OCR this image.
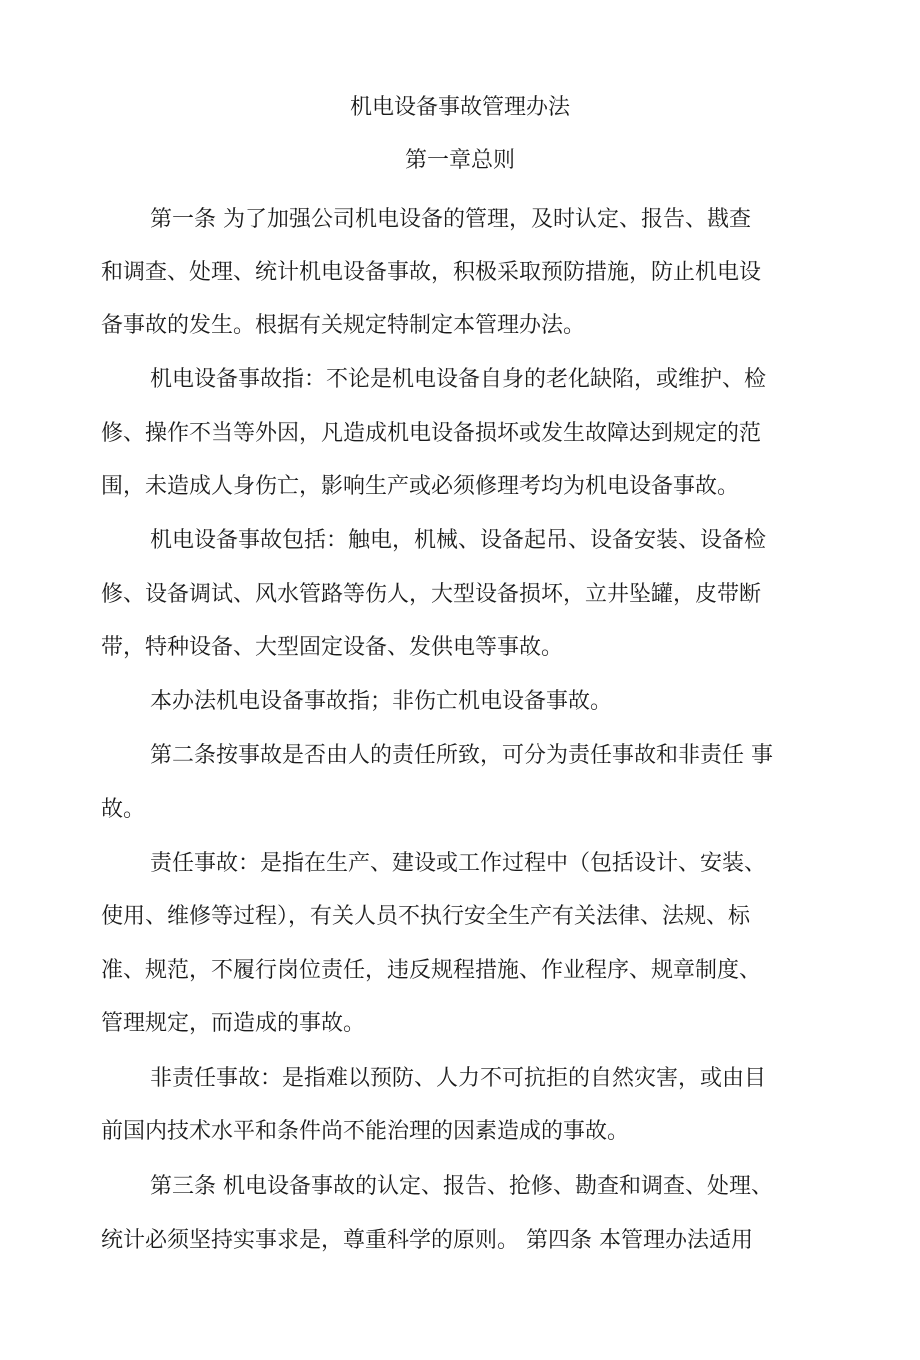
机电设备事故管理办法
第一章总则
第一条 为了加强公司机电设备的管理，及时认定、报告、戡查
和调查、处理、统计机电设备事故，积极采取预防措施，防止机电设
备事故的发生。根据有关规定特制定本管理办法。
机电设备事故指：不论是机电设备自身的老化缺陷，或维护、检
修、操作不当等外因，凡造成机电设备损坏或发生故障达到规定的范
围，未造成人身伤亡，影响生产或必须修理考均为机电设备事故。
机电设备事故包括：触电，机械、设备起吊、设备安装、设备检
修、设备调试、风水管路等伤人，大型设备损坏，立井坠罐，皮带断
带，特种设备、大型固定设备、发供电等事故。
本办法机电设备事故指；非伤亡机电设备事故。
第二条按事故是否由人的责任所致，可分为责任事故和非责任 事
故。
责任事故：是指在生产、建设或工作过程中（包括设计、安装、
使用、维修等过程），有关人员不执行安全生产有关法律、法规、标
准、规范，不履行岗位责任，违反规程措施、作业程序、规章制度、
管理规定，而造成的事故。
非责任事故：是指难以预防、人力不可抗拒的自然灾害，或由目
前国内技术水平和条件尚不能治理的因素造成的事故。
第三条 机电设备事故的认定、报告、抢修、勘查和调查、处理、
统计必须坚持实事求是，尊重科学的原则。 第四条 本管理办法适用
